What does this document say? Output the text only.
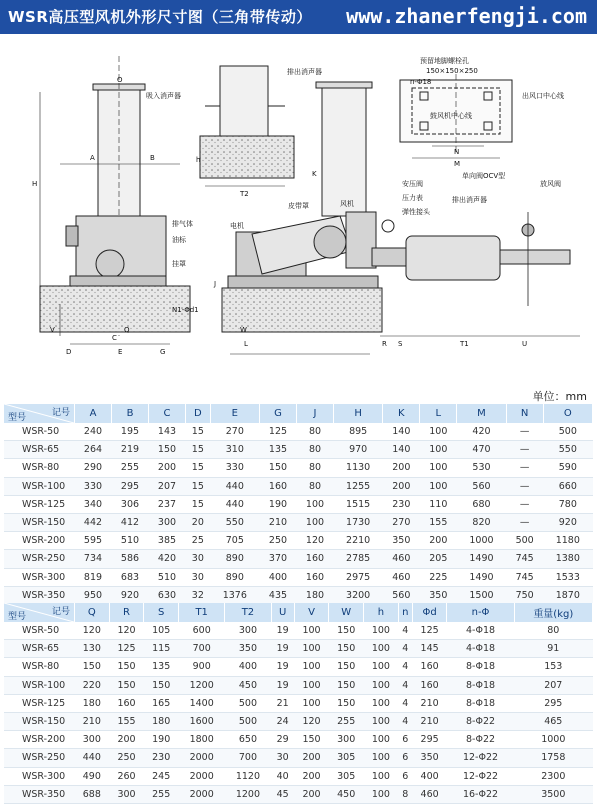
WSR高压型风机外形尺寸图（三角带传动） www.zhanerfengji.com
吸入消声器
排出消声器
排气体
油标
挂罩
N1-Φd1
电机
皮带罩	风机
安压阀
压力表
弹性接头
排出消声器
单向阀OCV型
放风阀
预留地脚螺栓孔
150×150×250
鼓风机中心线
出风口中心线
n-Φ18
A	B
C
D	E	G
H
J
K
L
M
N
O
Q
R S	T1
T2
U
V	W
h
单位：mm
记号
型号	A	B	C	D	E	G	J	H	K	L	M	N	O
WSR-50	240	195	143	15	270	125	80	895	140	100	420	—	500
WSR-65	264	219	150	15	310	135	80	970	140	100	470	—	550
WSR-80	290	255	200	15	330	150	80	1130	200	100	530	—	590
WSR-100	330	295	207	15	440	160	80	1255	200	100	560	—	660
WSR-125	340	306	237	15	440	190	100	1515	230	110	680	—	780
WSR-150	442	412	300	20	550	210	100	1730	270	155	820	—	920
WSR-200	595	510	385	25	705	250	120	2210	350	200	1000	500	1180
WSR-250	734	586	420	30	890	370	160	2785	460	205	1490	745	1380
WSR-300	819	683	510	30	890	400	160	2975	460	225	1490	745	1533
WSR-350	950	920	630	32	1376	435	180	3200	560	350	1500	750	1870
记号
型号	Q	R	S	T1	T2	U	V	W	h	n	Φd	n-Φ	重量(kg)
WSR-50	120	120	105	600	300	19	100	150	100	4	125	4-Φ18	80
WSR-65	130	125	115	700	350	19	100	150	100	4	145	4-Φ18	91
WSR-80	150	150	135	900	400	19	100	150	100	4	160	8-Φ18	153
WSR-100	220	150	150	1200	450	19	100	150	100	4	160	8-Φ18	207
WSR-125	180	160	165	1400	500	21	100	150	100	4	210	8-Φ18	295
WSR-150	210	155	180	1600	500	24	120	255	100	4	210	8-Φ22	465
WSR-200	300	200	190	1800	650	29	150	300	100	6	295	8-Φ22	1000
WSR-250	440	250	230	2000	700	30	200	305	100	6	350	12-Φ22	1758
WSR-300	490	260	245	2000	1120	40	200	305	100	6	400	12-Φ22	2300
WSR-350	688	300	255	2000	1200	45	200	450	100	8	460	16-Φ22	3500
